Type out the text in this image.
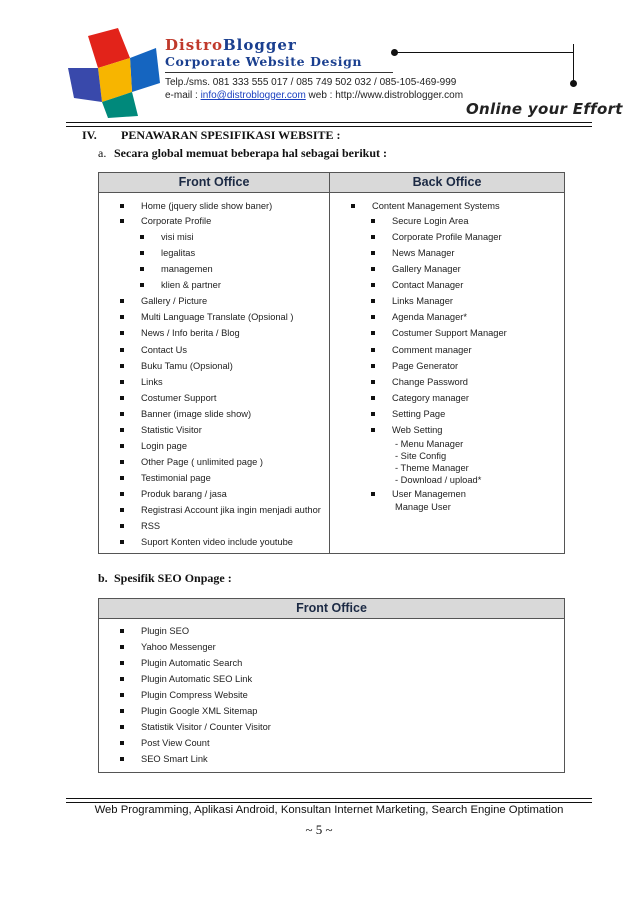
DistroBlogger
Corporate Website Design
Telp./sms. 081 333 555 017 / 085 749 502 032 / 085-105-469-999
e-mail : info@distroblogger.com web : http://www.distroblogger.com
Online your Effort
IV. PENAWARAN SPESIFIKASI WEBSITE :
a. Secara global memuat beberapa hal sebagai berikut :
Front Office	Back Office
Home (jquery slide show baner)
Corporate Profile
visi misi
legalitas
managemen
klien & partner
Gallery / Picture
Multi Language Translate (Opsional )
News / Info berita / Blog
Contact Us
Buku Tamu (Opsional)
Links
Costumer Support
Banner (image slide show)
Statistic Visitor
Login page
Other Page ( unlimited page )
Testimonial page
Produk barang / jasa
Registrasi Account jika ingin menjadi author
RSS
Suport Konten video include youtube
Content Management Systems
Secure Login Area
Corporate Profile Manager
News Manager
Gallery Manager
Contact Manager
Links Manager
Agenda Manager*
Costumer Support Manager
Comment manager
Page Generator
Change Password
Category manager
Setting Page
Web Setting
User Managemen
- Menu Manager
- Site Config
- Theme Manager
- Download / upload*
Manage User
b. Spesifik SEO Onpage :
Front Office
Plugin SEO
Yahoo Messenger
Plugin Automatic Search
Plugin Automatic SEO Link
Plugin Compress Website
Plugin Google XML Sitemap
Statistik Visitor / Counter Visitor
Post View Count
SEO Smart Link
Web Programming, Aplikasi Android, Konsultan Internet Marketing, Search Engine Optimation
~ 5 ~
